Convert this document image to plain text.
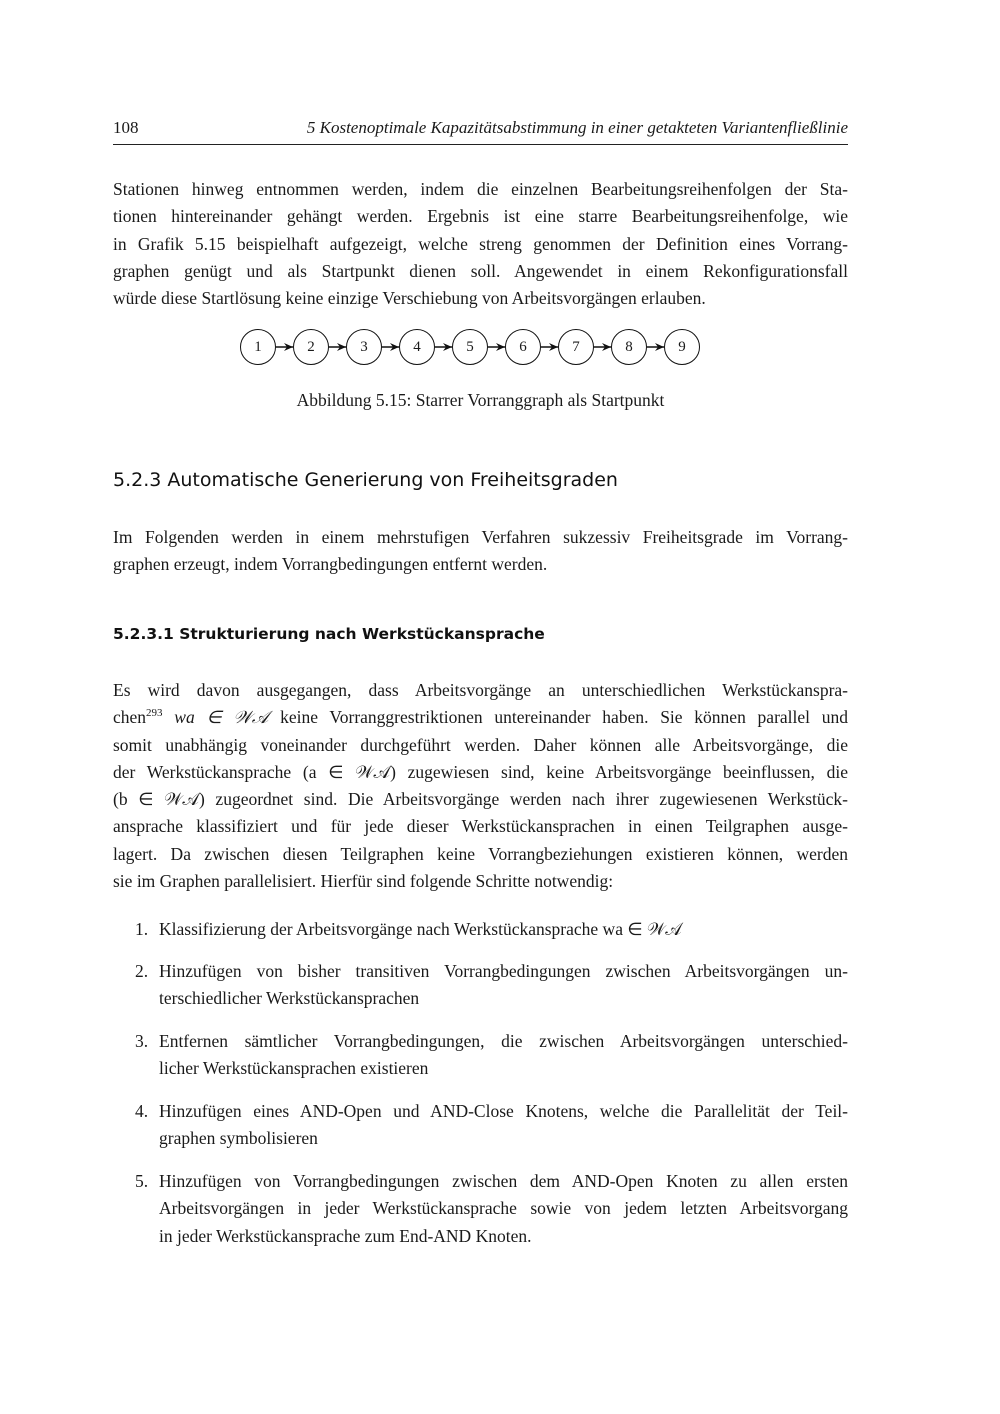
108	5 Kostenoptimale Kapazitätsabstimmung in einer getakteten Variantenfließlinie

Stationen hinweg entnommen werden, indem die einzelnen Bearbeitungsreihenfolgen der Sta-
tionen hintereinander gehängt werden. Ergebnis ist eine starre Bearbeitungsreihenfolge, wie
in Grafik 5.15 beispielhaft aufgezeigt, welche streng genommen der Definition eines Vorrang-
graphen genügt und als Startpunkt dienen soll. Angewendet in einem Rekonfigurationsfall
würde diese Startlösung keine einzige Verschiebung von Arbeitsvorgängen erlauben.

1	2	3	4	5	6	7	8	9
Abbildung 5.15: Starrer Vorranggraph als Startpunkt
5.2.3 Automatische Generierung von Freiheitsgraden

Im Folgenden werden in einem mehrstufigen Verfahren sukzessiv Freiheitsgrade im Vorrang-
graphen erzeugt, indem Vorrangbedingungen entfernt werden.

5.2.3.1 Strukturierung nach Werkstückansprache

Es wird davon ausgegangen, dass Arbeitsvorgänge an unterschiedlichen Werkstückanspra-
chen$^{293}$ wa ∈ 𝒲𝒜 keine Vorranggrestriktionen untereinander haben. Sie können parallel und
somit unabhängig voneinander durchgeführt werden. Daher können alle Arbeitsvorgänge, die
der Werkstückansprache (a ∈ 𝒲𝒜) zugewiesen sind, keine Arbeitsvorgänge beeinflussen, die
(b ∈ 𝒲𝒜) zugeordnet sind. Die Arbeitsvorgänge werden nach ihrer zugewiesenen Werkstück-
ansprache klassifiziert und für jede dieser Werkstückansprachen in einen Teilgraphen ausge-
lagert. Da zwischen diesen Teilgraphen keine Vorrangbeziehungen existieren können, werden
sie im Graphen parallelisiert. Hierfür sind folgende Schritte notwendig:

1. Klassifizierung der Arbeitsvorgänge nach Werkstückansprache wa ∈ 𝒲𝒜
2. Hinzufügen von bisher transitiven Vorrangbedingungen zwischen Arbeitsvorgängen un-
terschiedlicher Werkstückansprachen
3. Entfernen sämtlicher Vorrangbedingungen, die zwischen Arbeitsvorgängen unterschied-
licher Werkstückansprachen existieren
4. Hinzufügen eines AND-Open und AND-Close Knotens, welche die Parallelität der Teil-
graphen symbolisieren
5. Hinzufügen von Vorrangbedingungen zwischen dem AND-Open Knoten zu allen ersten
Arbeitsvorgängen in jeder Werkstückansprache sowie von jedem letzten Arbeitsvorgang
in jeder Werkstückansprache zum End-AND Knoten.
